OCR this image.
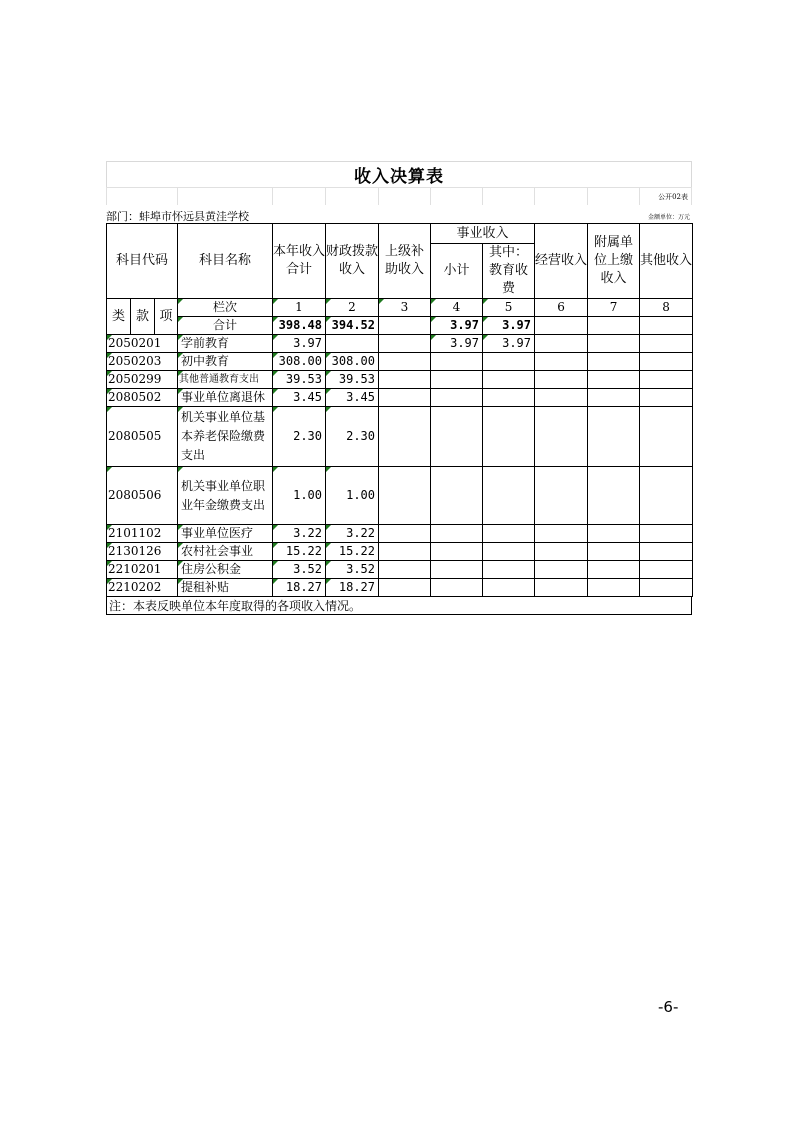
收入决算表
公开02表
部门：蚌埠市怀远县黄洼学校	金额单位：万元
科目代码			科目名称	本年收入合计	财政拨款收入	上级补助收入	事业收入		经营收入	附属单位上缴收入	其他收入
							小计	其中：教育收费			
类	款	项	栏次	1	2	3	4	5	6	7	8
			合计	398.48	394.52		3.97	3.97			
2050201			学前教育	3.97			3.97	3.97			
2050203			初中教育	308.00	308.00						
2050299			其他普通教育支出	39.53	39.53						
2080502			事业单位离退休	3.45	3.45						
2080505			机关事业单位基本养老保险缴费支出	2.30	2.30						
2080506			机关事业单位职业年金缴费支出	1.00	1.00						
2101102			事业单位医疗	3.22	3.22						
2130126			农村社会事业	15.22	15.22						
2210201			住房公积金	3.52	3.52						
2210202			提租补贴	18.27	18.27						
注：本表反映单位本年度取得的各项收入情况。
-6-
